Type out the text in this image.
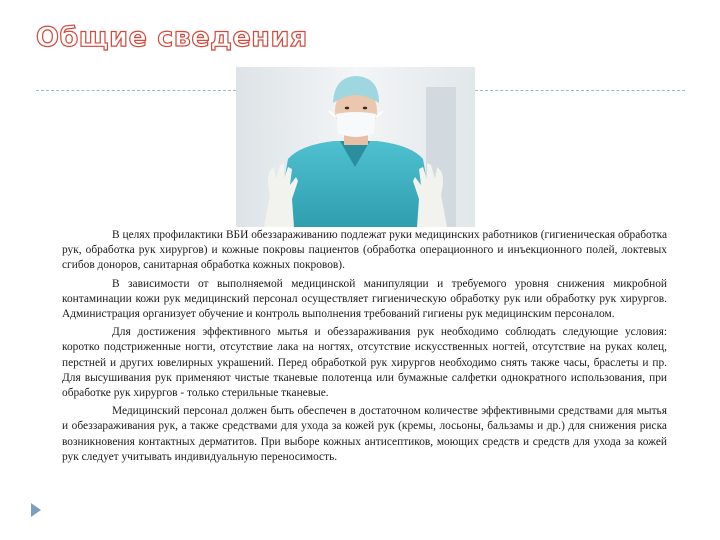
Общие сведения

В целях профилактики ВБИ обеззараживанию подлежат руки медицинских работников (гигиеническая обработка рук, обработка рук хирургов) и кожные покровы пациентов (обработка операционного и инъекционного полей, локтевых сгибов доноров, санитарная обработка кожных покровов).

В зависимости от выполняемой медицинской манипуляции и требуемого уровня снижения микробной контаминации кожи рук медицинский персонал осуществляет гигиеническую обработку рук или обработку рук хирургов. Администрация организует обучение и контроль выполнения требований гигиены рук медицинским персоналом.

Для достижения эффективного мытья и обеззараживания рук необходимо соблюдать следующие условия: коротко подстриженные ногти, отсутствие лака на ногтях, отсутствие искусственных ногтей, отсутствие на руках колец, перстней и других ювелирных украшений. Перед обработкой рук хирургов необходимо снять также часы, браслеты и пр. Для высушивания рук применяют чистые тканевые полотенца или бумажные салфетки однократного использования, при обработке рук хирургов - только стерильные тканевые.

Медицинский персонал должен быть обеспечен в достаточном количестве эффективными средствами для мытья и обеззараживания рук, а также средствами для ухода за кожей рук (кремы, лосьоны, бальзамы и др.) для снижения риска возникновения контактных дерматитов. При выборе кожных антисептиков, моющих средств и средств для ухода за кожей рук следует учитывать индивидуальную переносимость.
